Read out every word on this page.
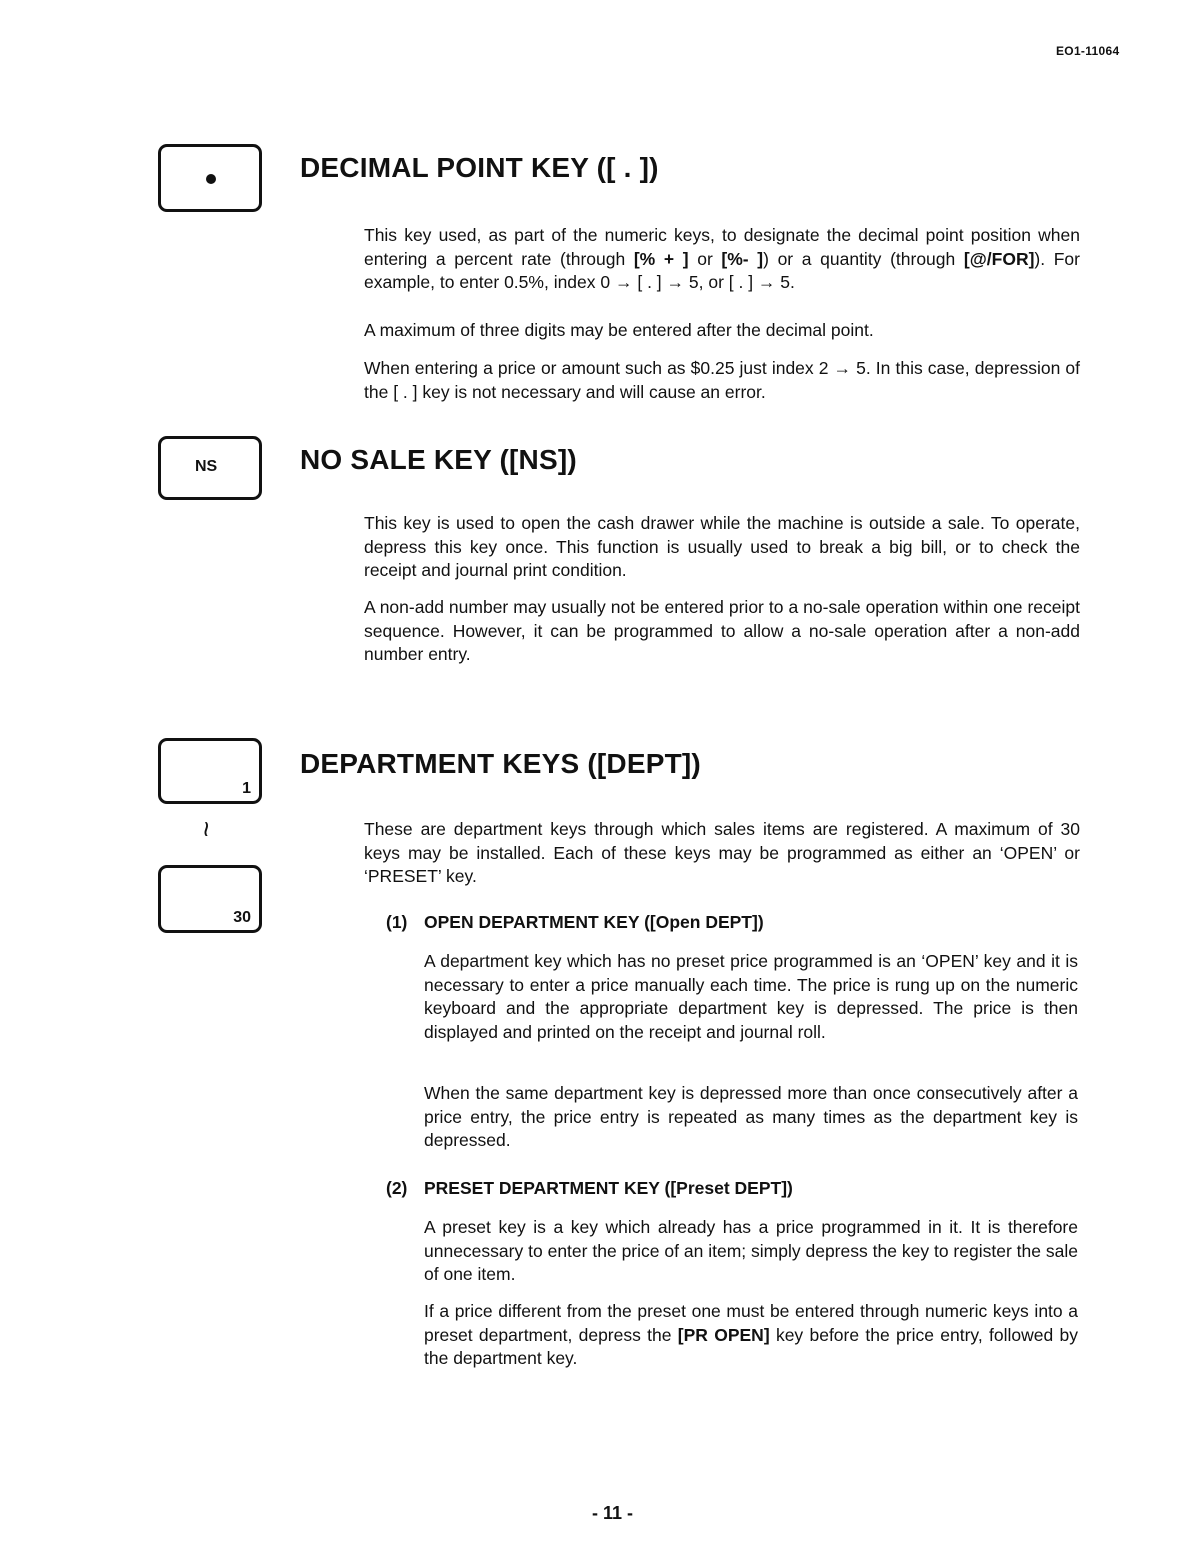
EO1-11064
DECIMAL POINT KEY ([ . ])

This key used, as part of the numeric keys, to designate the decimal point position when entering a percent rate (through [% + ] or [%- ]) or a quantity (through [@/FOR]). For example, to enter 0.5%, index 0 → [ . ] → 5, or [ . ] → 5.

A maximum of three digits may be entered after the decimal point.

When entering a price or amount such as $0.25 just index 2 → 5. In this case, depression of the [ . ] key is not necessary and will cause an error.

NS	NO SALE KEY ([NS])

This key is used to open the cash drawer while the machine is outside a sale. To operate, depress this key once. This function is usually used to break a big bill, or to check the receipt and journal print condition.

A non-add number may usually not be entered prior to a no-sale operation within one receipt sequence. However, it can be programmed to allow a no-sale operation after a non-add number entry.

1
~
30
DEPARTMENT KEYS ([DEPT])

These are department keys through which sales items are registered. A maximum of 30 keys may be installed. Each of these keys may be programmed as either an ‘OPEN’ or ‘PRESET’ key.

(1) OPEN DEPARTMENT KEY ([Open DEPT])

A department key which has no preset price programmed is an ‘OPEN’ key and it is necessary to enter a price manually each time. The price is rung up on the numeric keyboard and the appropriate department key is depressed. The price is then displayed and printed on the receipt and journal roll.

When the same department key is depressed more than once consecutively after a price entry, the price entry is repeated as many times as the department key is depressed.

(2) PRESET DEPARTMENT KEY ([Preset DEPT])

A preset key is a key which already has a price programmed in it. It is therefore unnecessary to enter the price of an item; simply depress the key to register the sale of one item.

If a price different from the preset one must be entered through numeric keys into a preset department, depress the [PR OPEN] key before the price entry, followed by the department key.

- 11 -
